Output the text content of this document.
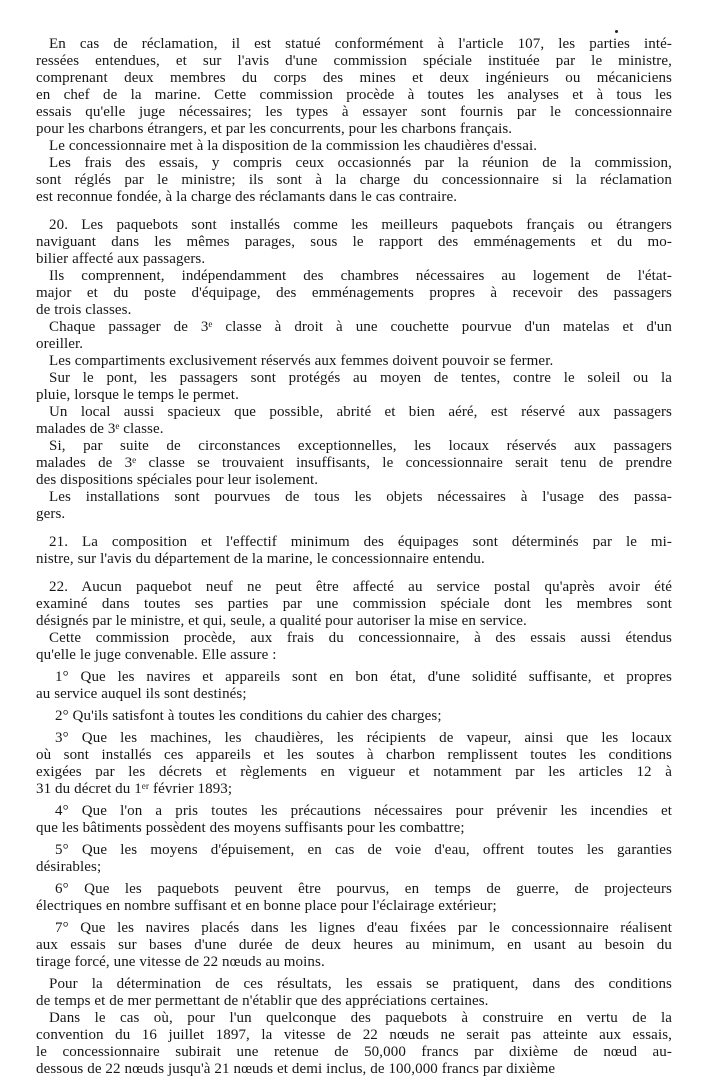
En cas de réclamation, il est statué conformément à l'article 107, les parties inté-
ressées entendues, et sur l'avis d'une commission spéciale instituée par le ministre,
comprenant deux membres du corps des mines et deux ingénieurs ou mécaniciens
en chef de la marine. Cette commission procède à toutes les analyses et à tous les
essais qu'elle juge nécessaires; les types à essayer sont fournis par le concessionnaire
pour les charbons étrangers, et par les concurrents, pour les charbons français.
Le concessionnaire met à la disposition de la commission les chaudières d'essai.
Les frais des essais, y compris ceux occasionnés par la réunion de la commission,
sont réglés par le ministre; ils sont à la charge du concessionnaire si la réclamation
est reconnue fondée, à la charge des réclamants dans le cas contraire.
20. Les paquebots sont installés comme les meilleurs paquebots français ou étrangers
naviguant dans les mêmes parages, sous le rapport des emménagements et du mo-
bilier affecté aux passagers.
Ils comprennent, indépendamment des chambres nécessaires au logement de l'état-
major et du poste d'équipage, des emménagements propres à recevoir des passagers
de trois classes.
Chaque passager de 3ᵉ classe à droit à une couchette pourvue d'un matelas et d'un
oreiller.
Les compartiments exclusivement réservés aux femmes doivent pouvoir se fermer.
Sur le pont, les passagers sont protégés au moyen de tentes, contre le soleil ou la
pluie, lorsque le temps le permet.
Un local aussi spacieux que possible, abrité et bien aéré, est réservé aux passagers
malades de 3ᵉ classe.
Si, par suite de circonstances exceptionnelles, les locaux réservés aux passagers
malades de 3ᵉ classe se trouvaient insuffisants, le concessionnaire serait tenu de prendre
des dispositions spéciales pour leur isolement.
Les installations sont pourvues de tous les objets nécessaires à l'usage des passa-
gers.
21. La composition et l'effectif minimum des équipages sont déterminés par le mi-
nistre, sur l'avis du département de la marine, le concessionnaire entendu.
22. Aucun paquebot neuf ne peut être affecté au service postal qu'après avoir été
examiné dans toutes ses parties par une commission spéciale dont les membres sont
désignés par le ministre, et qui, seule, a qualité pour autoriser la mise en service.
Cette commission procède, aux frais du concessionnaire, à des essais aussi étendus
qu'elle le juge convenable. Elle assure :
1° Que les navires et appareils sont en bon état, d'une solidité suffisante, et propres
au service auquel ils sont destinés;
2° Qu'ils satisfont à toutes les conditions du cahier des charges;
3° Que les machines, les chaudières, les récipients de vapeur, ainsi que les locaux
où sont installés ces appareils et les soutes à charbon remplissent toutes les conditions
exigées par les décrets et règlements en vigueur et notamment par les articles 12 à
31 du décret du 1ᵉʳ février 1893;
4° Que l'on a pris toutes les précautions nécessaires pour prévenir les incendies et
que les bâtiments possèdent des moyens suffisants pour les combattre;
5° Que les moyens d'épuisement, en cas de voie d'eau, offrent toutes les garanties
désirables;
6° Que les paquebots peuvent être pourvus, en temps de guerre, de projecteurs
électriques en nombre suffisant et en bonne place pour l'éclairage extérieur;
7° Que les navires placés dans les lignes d'eau fixées par le concessionnaire réalisent
aux essais sur bases d'une durée de deux heures au minimum, en usant au besoin du
tirage forcé, une vitesse de 22 nœuds au moins.
Pour la détermination de ces résultats, les essais se pratiquent, dans des conditions
de temps et de mer permettant de n'établir que des appréciations certaines.
Dans le cas où, pour l'un quelconque des paquebots à construire en vertu de la
convention du 16 juillet 1897, la vitesse de 22 nœuds ne serait pas atteinte aux essais,
le concessionnaire subirait une retenue de 50,000 francs par dixième de nœud au-
dessous de 22 nœuds jusqu'à 21 nœuds et demi inclus, de 100,000 francs par dixième
